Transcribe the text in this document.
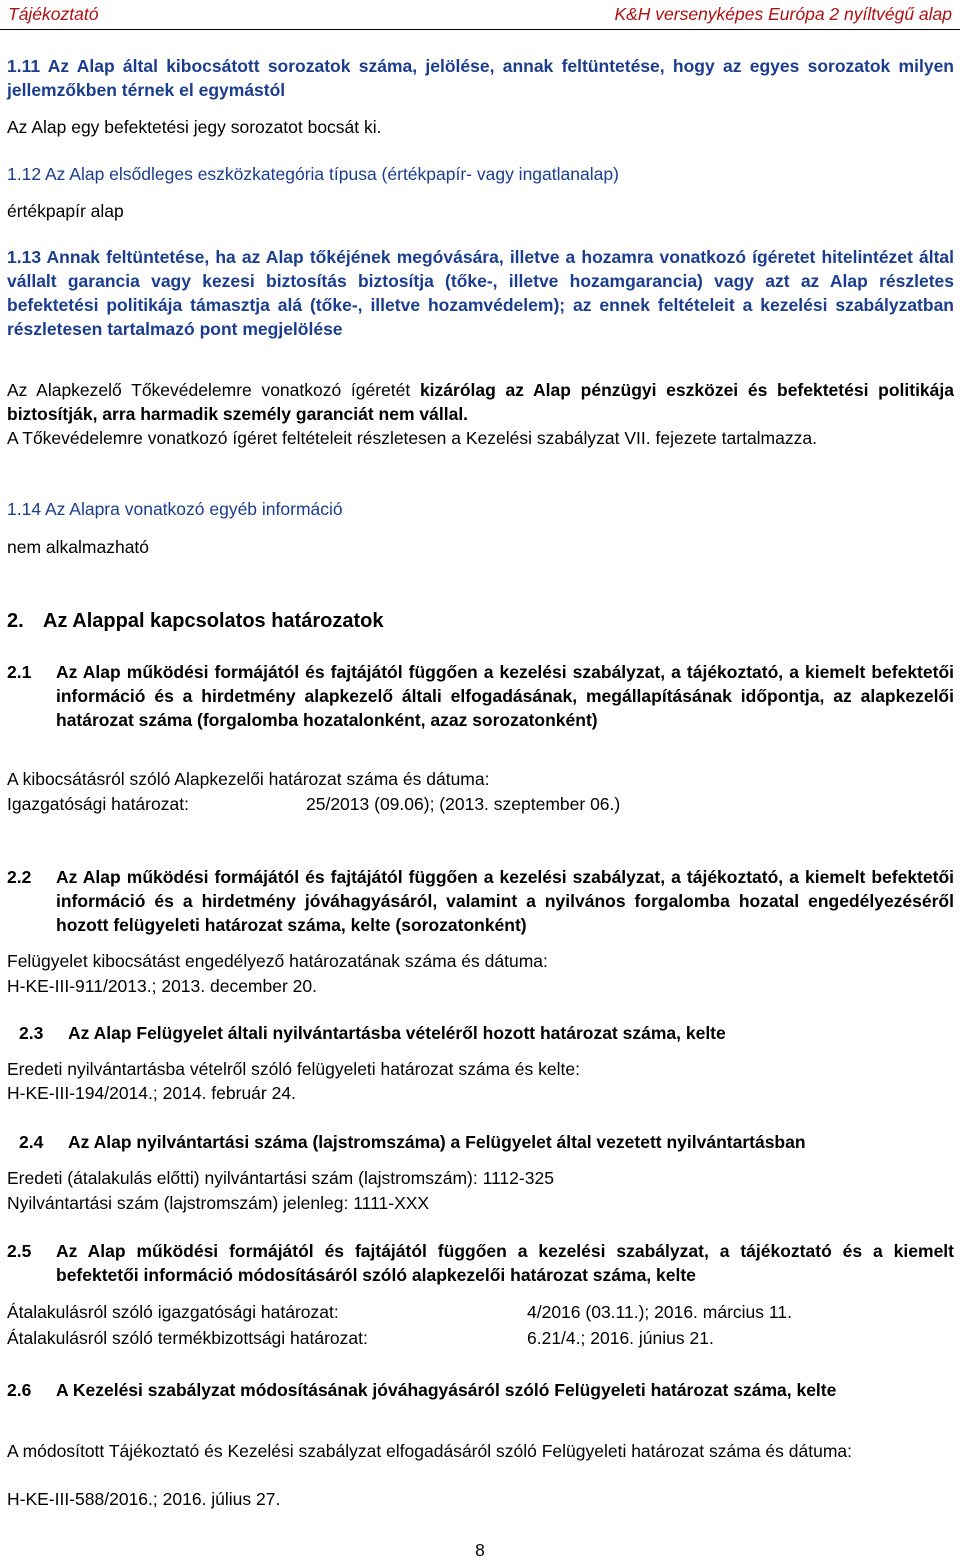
Tájékoztató	K&H versenyképes Európa 2 nyíltvégű alap
1.11 Az Alap által kibocsátott sorozatok száma, jelölése, annak feltüntetése, hogy az egyes sorozatok milyen jellemzőkben térnek el egymástól
Az Alap egy befektetési jegy sorozatot bocsát ki.
1.12 Az Alap elsődleges eszközkategória típusa (értékpapír- vagy ingatlanalap)
értékpapír alap
1.13 Annak feltüntetése, ha az Alap tőkéjének megóvására, illetve a hozamra vonatkozó ígéretet hitelintézet által vállalt garancia vagy kezesi biztosítás biztosítja (tőke-, illetve hozamgarancia) vagy azt az Alap részletes befektetési politikája támasztja alá (tőke-, illetve hozamvédelem); az ennek feltételeit a kezelési szabályzatban részletesen tartalmazó pont megjelölése
Az Alapkezelő Tőkevédelemre vonatkozó ígéretét kizárólag az Alap pénzügyi eszközei és befektetési politikája biztosítják, arra harmadik személy garanciát nem vállal.
A Tőkevédelemre vonatkozó ígéret feltételeit részletesen a Kezelési szabályzat VII. fejezete tartalmazza.
1.14 Az Alapra vonatkozó egyéb információ
nem alkalmazható
2. Az Alappal kapcsolatos határozatok
2.1	Az Alap működési formájától és fajtájától függően a kezelési szabályzat, a tájékoztató, a kiemelt befektetői információ és a hirdetmény alapkezelő általi elfogadásának, megállapításának időpontja, az alapkezelői határozat száma (forgalomba hozatalonként, azaz sorozatonként)
A kibocsátásról szóló Alapkezelői határozat száma és dátuma:
Igazgatósági határozat:	25/2013 (09.06); (2013. szeptember 06.)
2.2	Az Alap működési formájától és fajtájától függően a kezelési szabályzat, a tájékoztató, a kiemelt befektetői információ és a hirdetmény jóváhagyásáról, valamint a nyilvános forgalomba hozatal engedélyezéséről hozott felügyeleti határozat száma, kelte (sorozatonként)
Felügyelet kibocsátást engedélyező határozatának száma és dátuma:
H-KE-III-911/2013.; 2013. december 20.
2.3	Az Alap Felügyelet általi nyilvántartásba vételéről hozott határozat száma, kelte
Eredeti nyilvántartásba vételről szóló felügyeleti határozat száma és kelte:
H-KE-III-194/2014.; 2014. február 24.
2.4	Az Alap nyilvántartási száma (lajstromszáma) a Felügyelet által vezetett nyilvántartásban
Eredeti (átalakulás előtti) nyilvántartási szám (lajstromszám): 1112-325
Nyilvántartási szám (lajstromszám) jelenleg: 1111-XXX
2.5	Az Alap működési formájától és fajtájától függően a kezelési szabályzat, a tájékoztató és a kiemelt befektetői információ módosításáról szóló alapkezelői határozat száma, kelte
Átalakulásról szóló igazgatósági határozat:	4/2016 (03.11.); 2016. március 11.
Átalakulásról szóló termékbizottsági határozat:	6.21/4.; 2016. június 21.
2.6	A Kezelési szabályzat módosításának jóváhagyásáról szóló Felügyeleti határozat száma, kelte
A módosított Tájékoztató és Kezelési szabályzat elfogadásáról szóló Felügyeleti határozat száma és dátuma:
H-KE-III-588/2016.; 2016. július 27.
8
